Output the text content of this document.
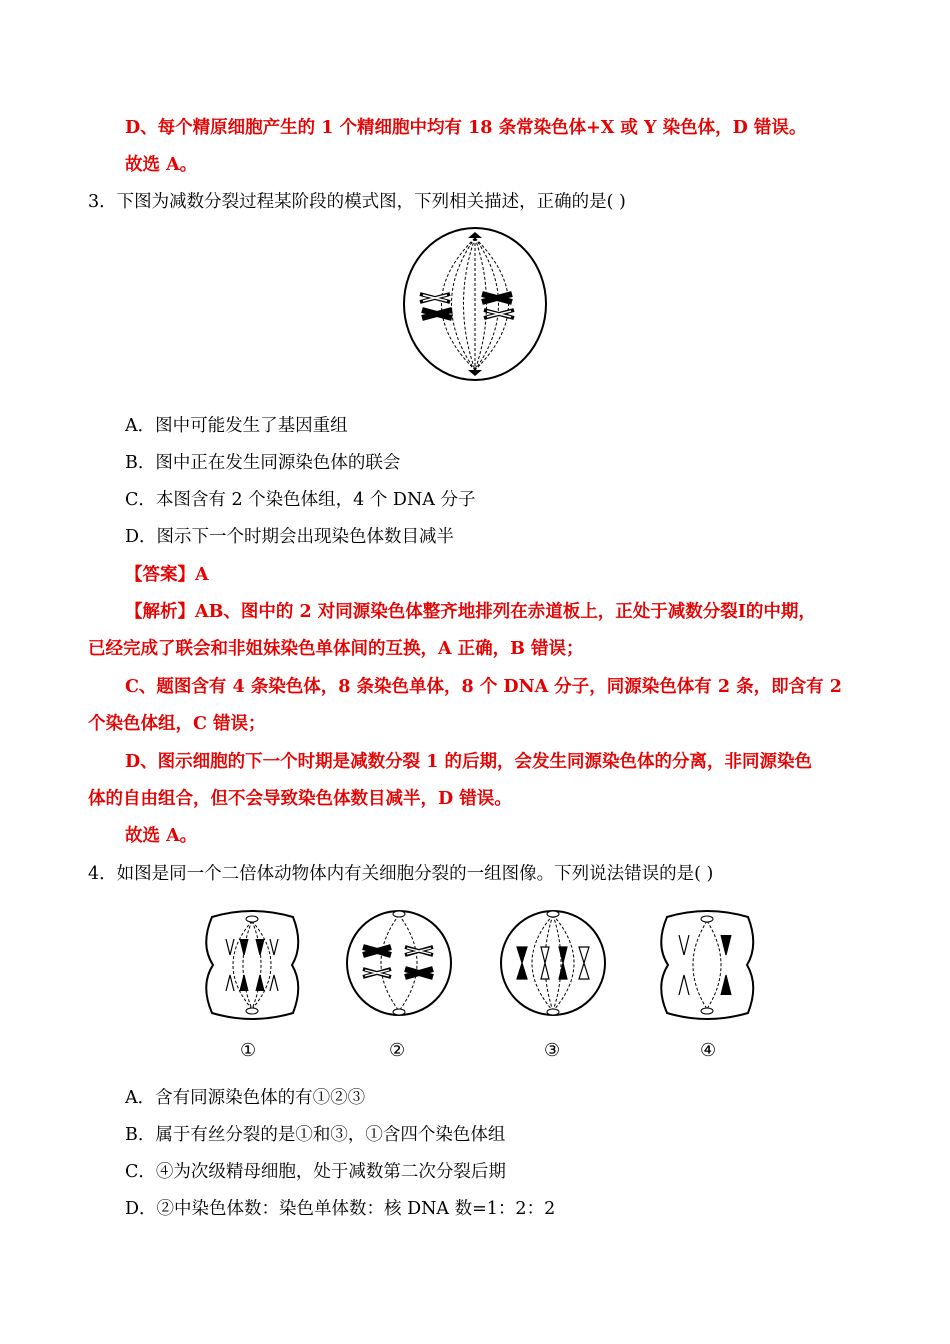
D、每个精原细胞产生的 1 个精细胞中均有 18 条常染色体+X 或 Y 染色体，D 错误。
故选 A。
3．下图为减数分裂过程某阶段的模式图，下列相关描述，正确的是( )
A．图中可能发生了基因重组
B．图中正在发生同源染色体的联会
C．本图含有 2 个染色体组，4 个 DNA 分子
D．图示下一个时期会出现染色体数目减半
【答案】A
【解析】AB、图中的 2 对同源染色体整齐地排列在赤道板上，正处于减数分裂Ⅰ的中期，
已经完成了联会和非姐妹染色单体间的互换，A 正确，B 错误；
C、题图含有 4 条染色体，8 条染色单体，8 个 DNA 分子，同源染色体有 2 条，即含有 2
个染色体组，C 错误；
D、图示细胞的下一个时期是减数分裂 1 的后期，会发生同源染色体的分离，非同源染色
体的自由组合，但不会导致染色体数目减半，D 错误。
故选 A。
4．如图是同一个二倍体动物体内有关细胞分裂的一组图像。下列说法错误的是( )
①	②	③	④
A．含有同源染色体的有①②③
B．属于有丝分裂的是①和③，①含四个染色体组
C．④为次级精母细胞，处于减数第二次分裂后期
D．②中染色体数：染色单体数：核 DNA 数=1：2：2
